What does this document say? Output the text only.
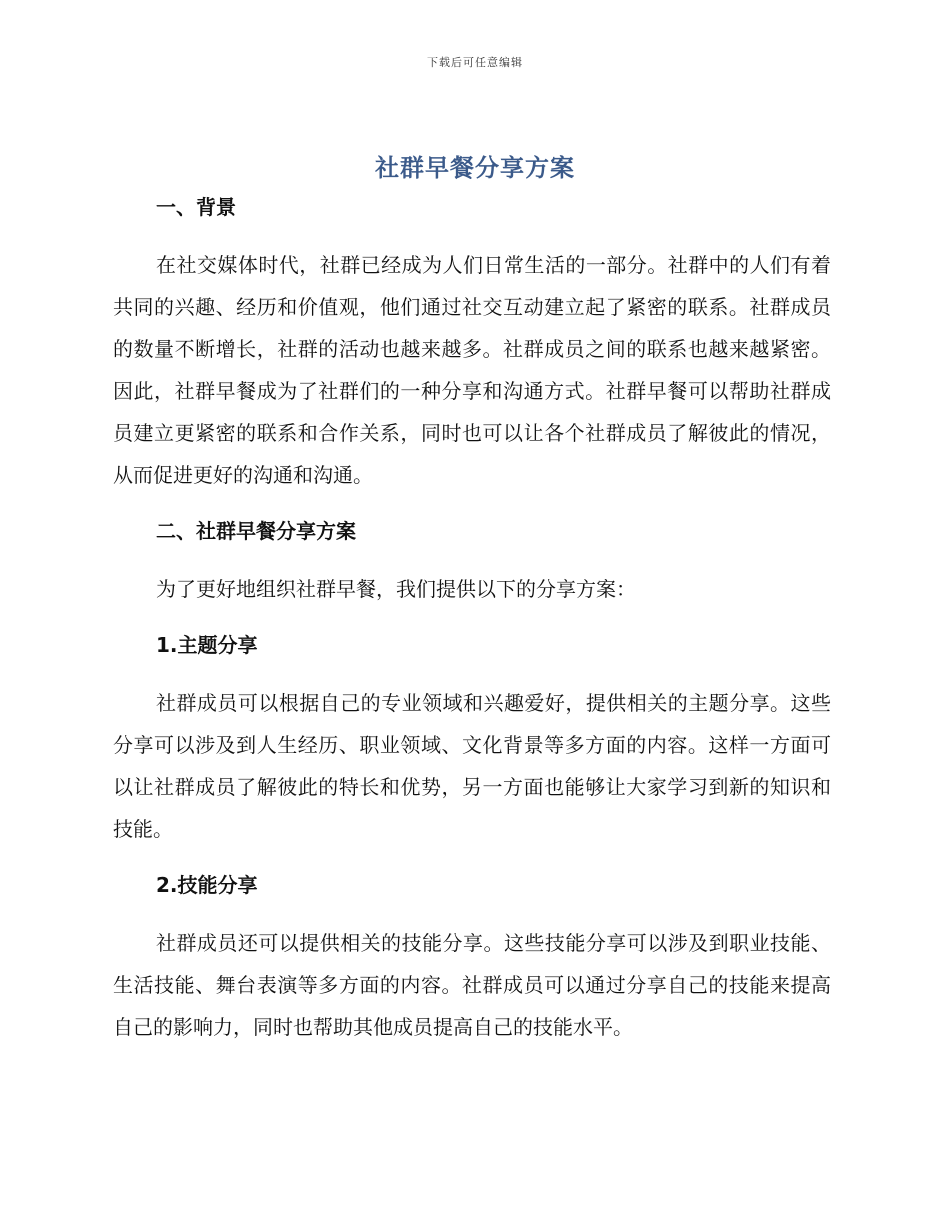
下载后可任意编辑
社群早餐分享方案
一、背景

在社交媒体时代，社群已经成为人们日常生活的一部分。社群中的人们有着共同的兴趣、经历和价值观，他们通过社交互动建立起了紧密的联系。社群成员的数量不断增长，社群的活动也越来越多。社群成员之间的联系也越来越紧密。因此，社群早餐成为了社群们的一种分享和沟通方式。社群早餐可以帮助社群成员建立更紧密的联系和合作关系，同时也可以让各个社群成员了解彼此的情况，从而促进更好的沟通和沟通。

二、社群早餐分享方案

为了更好地组织社群早餐，我们提供以下的分享方案：

1.主题分享

社群成员可以根据自己的专业领域和兴趣爱好，提供相关的主题分享。这些分享可以涉及到人生经历、职业领域、文化背景等多方面的内容。这样一方面可以让社群成员了解彼此的特长和优势，另一方面也能够让大家学习到新的知识和技能。

2.技能分享

社群成员还可以提供相关的技能分享。这些技能分享可以涉及到职业技能、生活技能、舞台表演等多方面的内容。社群成员可以通过分享自己的技能来提高自己的影响力，同时也帮助其他成员提高自己的技能水平。
